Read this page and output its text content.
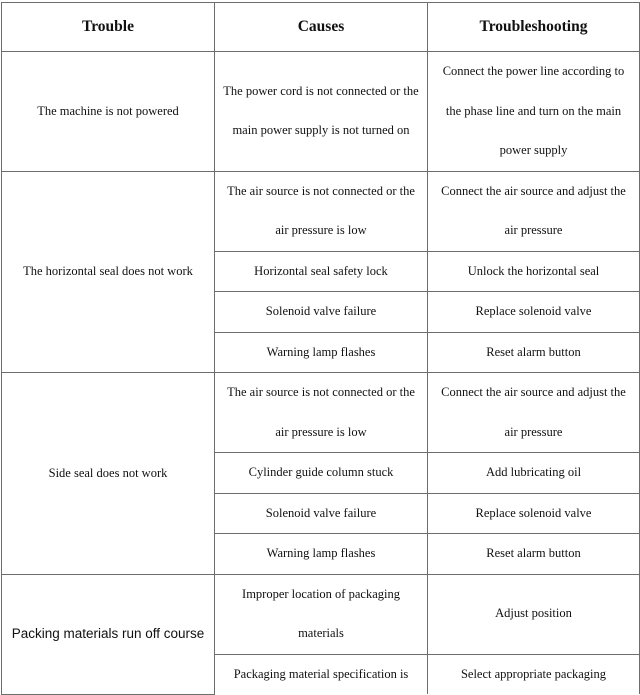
Trouble	Causes	Troubleshooting
The machine is not powered	The power cord is not connected or the main power supply is not turned on	Connect the power line according to the phase line and turn on the main power supply
The horizontal seal does not work	The air source is not connected or the air pressure is low	Connect the air source and adjust the air pressure
	Horizontal seal safety lock	Unlock the horizontal seal
	Solenoid valve failure	Replace solenoid valve
	Warning lamp flashes	Reset alarm button
Side seal does not work	The air source is not connected or the air pressure is low	Connect the air source and adjust the air pressure
	Cylinder guide column stuck	Add lubricating oil
	Solenoid valve failure	Replace solenoid valve
	Warning lamp flashes	Reset alarm button
Packing materials run off course	Improper location of packaging materials	Adjust position
	Packaging material specification is	Select appropriate packaging
